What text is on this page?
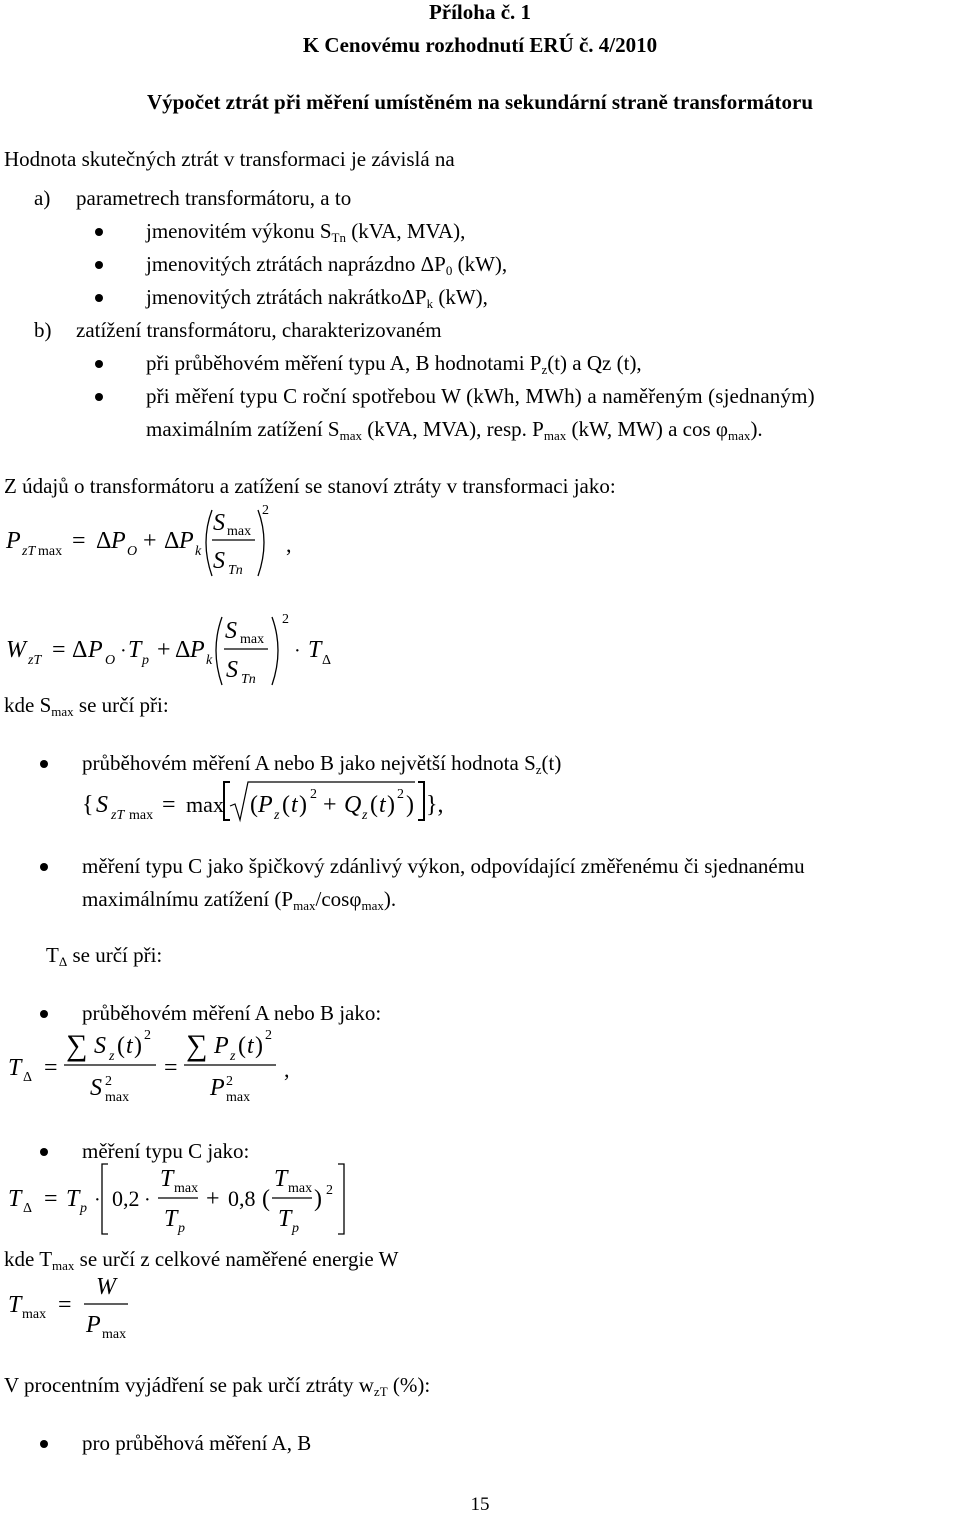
Příloha č. 1
K Cenovému rozhodnutí ERÚ č. 4/2010
Výpočet ztrát při měření umístěném na sekundární straně transformátoru
Hodnota skutečných ztrát v transformaci je závislá na
a) parametrech transformátoru, a to
jmenovitém výkonu $S_{Tn}$ (kVA, MVA),
jmenovitých ztrátách naprázdno $\Delta P_0$ (kW),
jmenovitých ztrátách nakrátkoΔP$_k$ (kW),
b) zatížení transformátoru, charakterizovaném
při průběhovém měření typu A, B hodnotami $P_z(t)$ a Qz (t),
při měření typu C roční spotřebou W (kWh, MWh) a naměřeným (sjednaným)
maximálním zatížení $S_{max}$ (kVA, MVA), resp. $P_{max}$ (kW, MW) a $\cos \varphi_{max}$).
Z údajů o transformátoru a zatížení se stanoví ztráty v transformaci jako:
P zT max = Δ P O + Δ P k
S max
S Tn
2
,
W zT = Δ P O · T p + Δ P k
S max
S Tn
2
· T Δ
kde $S_{max}$ se určí při:
průběhovém měření A nebo B jako největší hodnota $S_z(t)$
{ S zT max = max ( P z ( t ) 2 + Q z ( t ) 2 ) },
měření typu C jako špičkový zdánlivý výkon, odpovídající změřenému či sjednanému
maximálnímu zatížení $(P_{max}/\cos\varphi_{max})$.
$T_\Delta$ se určí při:
průběhovém měření A nebo B jako:
T Δ =
∑ S z ( t ) 2
S 2
max
=
∑ P z ( t ) 2
P 2
max
,
měření typu C jako:
T Δ = T p · 0,2 ·
T max
T p
+ 0,8 (
T max
T p
) 2
kde $T_{max}$ se určí z celkové naměřené energie W
T max =
W
P max
V procentním vyjádření se pak určí ztráty $w_{zT}$ (%):
pro průběhová měření A, B
15
